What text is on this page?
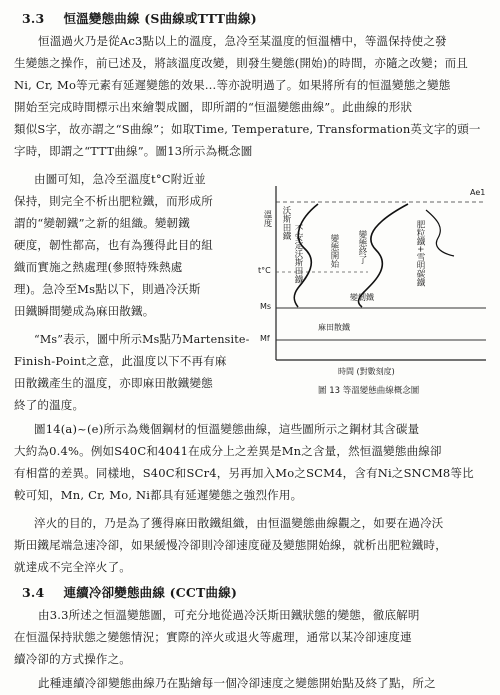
3.3 恒溫變態曲線 (S曲線或TTT曲線)
恒溫過火乃是從Ac3點以上的溫度，急冷至某溫度的恒溫槽中，等溫保持使之發
生變態之操作，前已述及，將該溫度改變，則發生變態(開始)的時間，亦隨之改變；而且
Ni, Cr, Mo等元素有延遲變態的效果…等亦說明過了。如果將所有的恒溫變態之變態
開始至完成時間標示出來繪製成圖，即所謂的“恒溫變態曲線”。此曲線的形狀
類似S字，故亦謂之“S曲線”；如取Time, Temperature, Transformation英文字的頭一
字時，即謂之“TTT曲線”。圖13所示為概念圖
由圖可知，急冷至溫度t°C附近並
保持，則完全不析出肥粒鐵，而形成所
謂的“變韌鐵”之新的組織。變韌鐵
硬度，韌性都高，也有為獲得此目的組
織而實施之熱處理(參照特殊熱處
理)。急冷至Ms點以下，則過冷沃斯
田鐵瞬間變成為麻田散鐵。
“Ms”表示，圖中所示Ms點乃Martensite-
Finish-Point之意，此溫度以下不再有麻
田散鐵產生的溫度，亦即麻田散鐵變態
終了的溫度。
Ae1
t°C
Ms
Mf
溫度 沃斯田鐵
不安定沃斯田鐵	變態開始 變態終了	肥粒鐵+雪明碳鐵
變韌鐵
麻田散鐵
時間 (對數刻度)
圖 13 等溫變態曲線概念圖
圖14(a)~(e)所示為幾個鋼材的恒溫變態曲線，這些圖所示之鋼材其含碳量
大約為0.4%。例如S40C和4041在成分上之差異是Mn之含量，然恒溫變態曲線卻
有相當的差異。同樣地，S40C和SCr4，另再加入Mo之SCM4，含有Ni之SNCM8等比
較可知，Mn, Cr, Mo, Ni都具有延遲變態之強烈作用。
淬火的目的，乃是為了獲得麻田散鐵組織，由恒溫變態曲線觀之，如要在過冷沃
斯田鐵尾端急速冷卻，如果緩慢冷卻則冷卻速度碰及變態開始線，就析出肥粒鐵時，
就達成不完全淬火了。
3.4 連續冷卻變態曲線 (CCT曲線)
由3.3所述之恒溫變態圖，可充分地從過冷沃斯田鐵狀態的變態，徹底解明
在恒溫保持狀態之變態情況；實際的淬火或退火等處理，通常以某冷卻速度連
續冷卻的方式操作之。
此種連續冷卻變態曲線乃在點繪每一個冷卻速度之變態開始點及終了點，所之
